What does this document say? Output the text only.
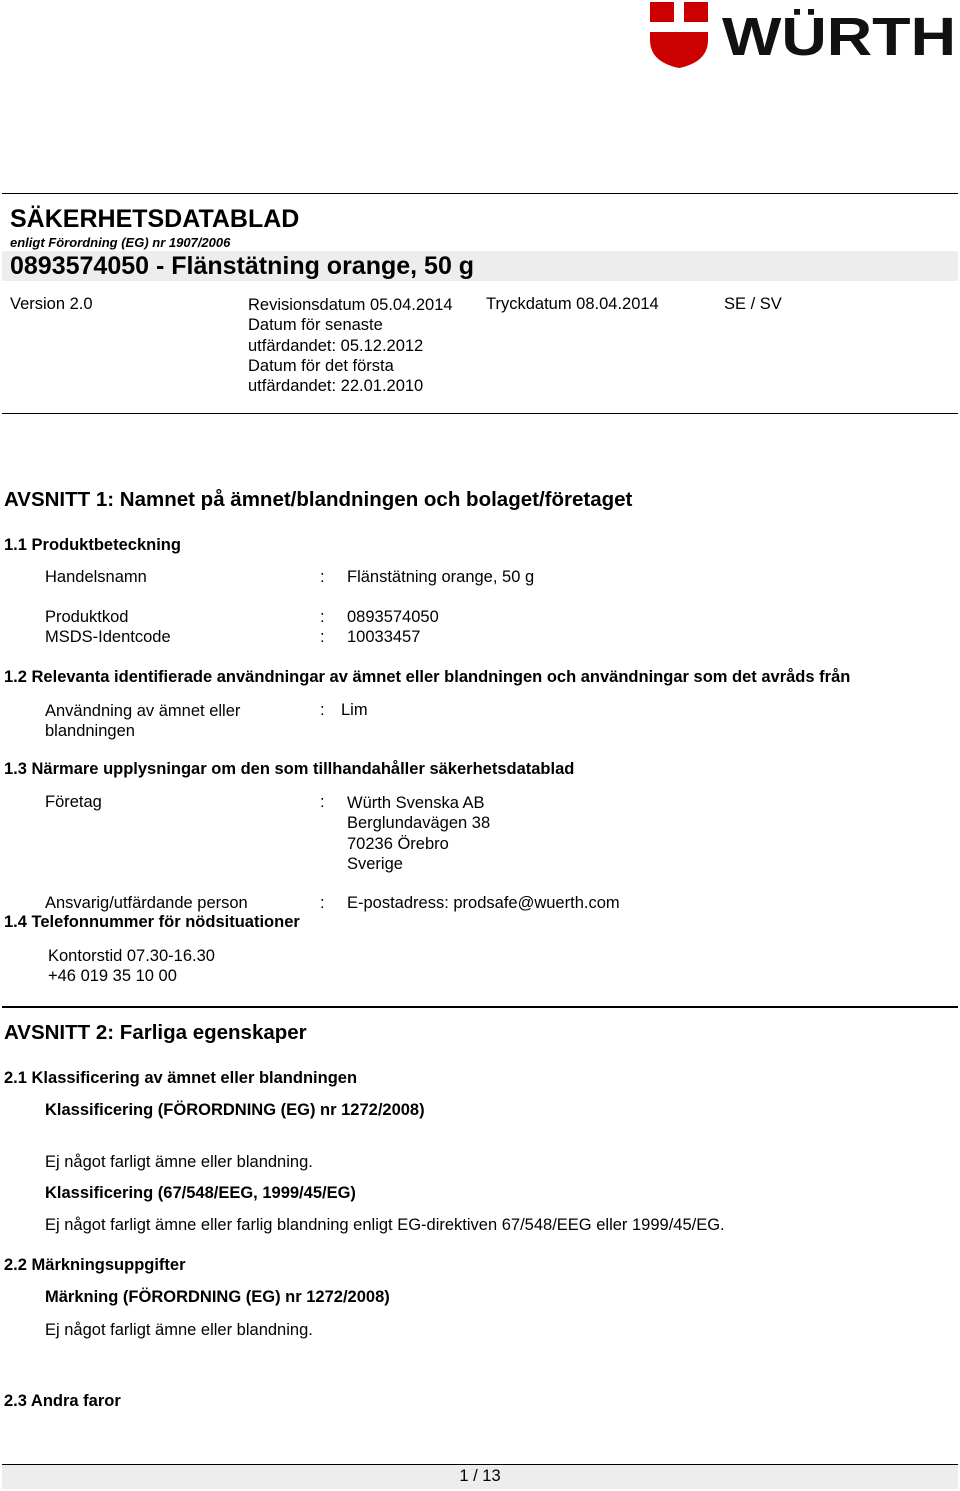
WÜRTH
SÄKERHETSDATABLAD
enligt Förordning (EG) nr 1907/2006
0893574050 - Flänstätning orange, 50 g
Version 2.0	Revisionsdatum 05.04.2014
Datum för senaste
utfärdandet: 05.12.2012
Datum för det första
utfärdandet: 22.01.2010
Tryckdatum 08.04.2014	SE / SV
AVSNITT 1: Namnet på ämnet/blandningen och bolaget/företaget
1.1 Produktbeteckning
Handelsnamn	: Flänstätning orange, 50 g
Produktkod	: 0893574050
MSDS-Identcode	: 10033457
1.2 Relevanta identifierade användningar av ämnet eller blandningen och användningar som det avråds från
Användning av ämnet eller
blandningen
: Lim
1.3 Närmare upplysningar om den som tillhandahåller säkerhetsdatablad
Företag	: Würth Svenska AB
Berglundavägen 38
70236 Örebro
Sverige
Ansvarig/utfärdande person	: E-postadress: prodsafe@wuerth.com
1.4 Telefonnummer för nödsituationer
Kontorstid 07.30-16.30
+46 019 35 10 00
AVSNITT 2: Farliga egenskaper
2.1 Klassificering av ämnet eller blandningen
Klassificering (FÖRORDNING (EG) nr 1272/2008)
Ej något farligt ämne eller blandning.
Klassificering (67/548/EEG, 1999/45/EG)
Ej något farligt ämne eller farlig blandning enligt EG-direktiven 67/548/EEG eller 1999/45/EG.
2.2 Märkningsuppgifter
Märkning (FÖRORDNING (EG) nr 1272/2008)
Ej något farligt ämne eller blandning.
2.3 Andra faror
1 / 13
